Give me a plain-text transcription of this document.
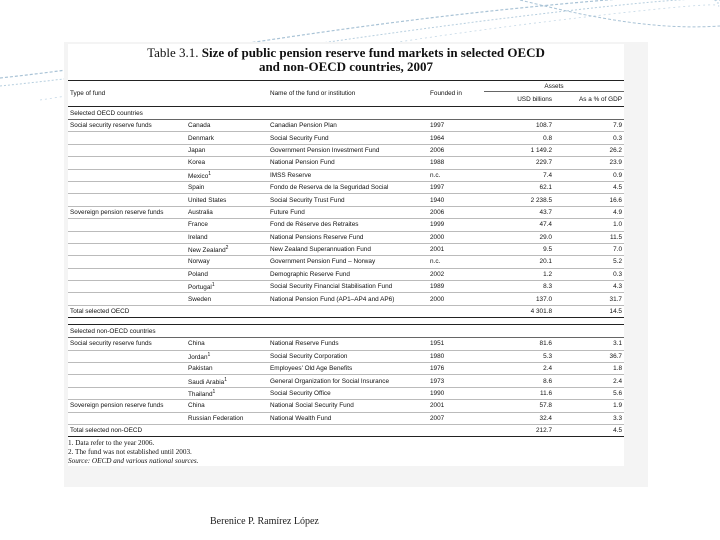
Table 3.1. Size of public pension reserve fund markets in selected OECD
and non-OECD countries, 2007
Type of fund		Name of the fund or institution	Founded in	Assets	
				USD billions	As a % of GDP
Selected OECD countries					
Social security reserve funds	Canada	Canadian Pension Plan	1997	108.7	7.9
	Denmark	Social Security Fund	1964	0.8	0.3
	Japan	Government Pension Investment Fund	2006	1 149.2	26.2
	Korea	National Pension Fund	1988	229.7	23.9
	Mexico$^1$	IMSS Reserve	n.c.	7.4	0.9
	Spain	Fondo de Reserva de la Seguridad Social	1997	62.1	4.5
	United States	Social Security Trust Fund	1940	2 238.5	16.6
Sovereign pension reserve funds	Australia	Future Fund	2006	43.7	4.9
	France	Fond de Réserve des Retraites	1999	47.4	1.0
	Ireland	National Pensions Reserve Fund	2000	29.0	11.5
	New Zealand$^2$	New Zealand Superannuation Fund	2001	9.5	7.0
	Norway	Government Pension Fund – Norway	n.c.	20.1	5.2
	Poland	Demographic Reserve Fund	2002	1.2	0.3
	Portugal$^1$	Social Security Financial Stabilisation Fund	1989	8.3	4.3
	Sweden	National Pension Fund (AP1–AP4 and AP6)	2000	137.0	31.7
Total selected OECD				4 301.8	14.5

Selected non-OECD countries					
Social security reserve funds	China	National Reserve Funds	1951	81.6	3.1
	Jordan$^1$	Social Security Corporation	1980	5.3	36.7
	Pakistan	Employees' Old Age Benefits	1976	2.4	1.8
	Saudi Arabia$^1$	General Organization for Social Insurance	1973	8.6	2.4
	Thailand$^1$	Social Security Office	1990	11.6	5.6
Sovereign pension reserve funds	China	National Social Security Fund	2001	57.8	1.9
	Russian Federation	National Wealth Fund	2007	32.4	3.3
Total selected non-OECD				212.7	4.5
1. Data refer to the year 2006.
2. The fund was not established until 2003.
Source: OECD and various national sources.
Berenice P. Ramírez López
